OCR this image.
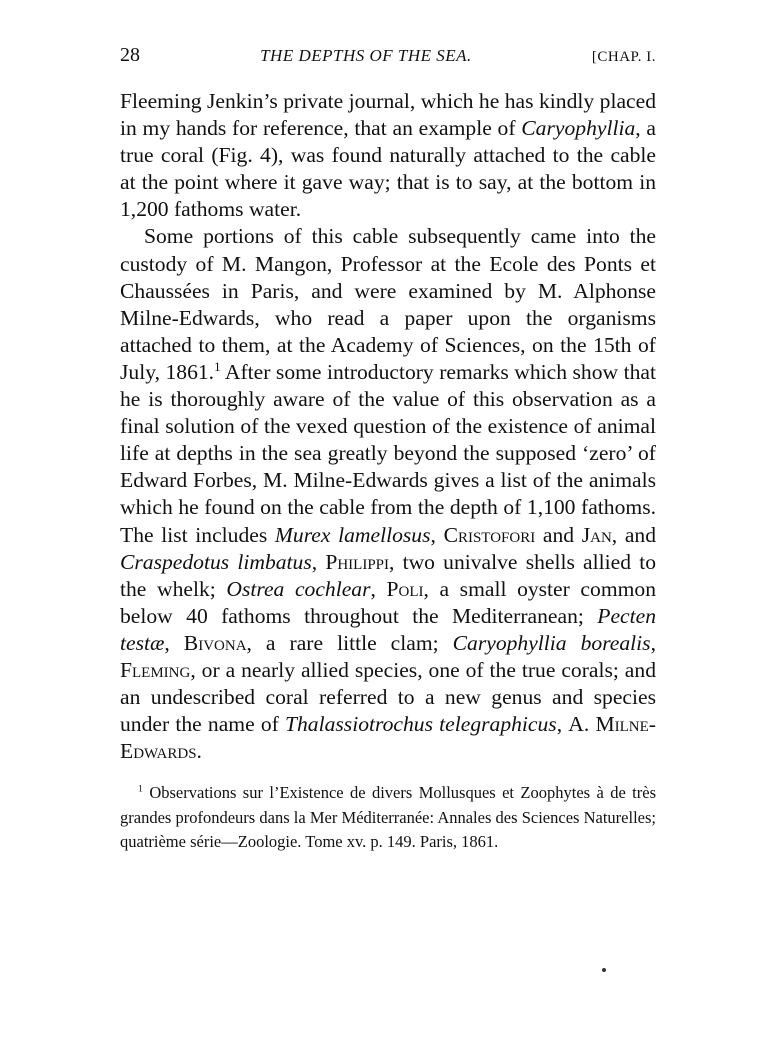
28	THE DEPTHS OF THE SEA.	[CHAP. I.

Fleeming Jenkin’s private journal, which he has kindly placed in my hands for reference, that an example of Caryophyllia, a true coral (Fig. 4), was found naturally attached to the cable at the point where it gave way; that is to say, at the bottom in 1,200 fathoms water.

Some portions of this cable subsequently came into the custody of M. Mangon, Professor at the Ecole des Ponts et Chaussées in Paris, and were examined by M. Alphonse Milne-Edwards, who read a paper upon the organisms attached to them, at the Academy of Sciences, on the 15th of July, 1861.$^1$ After some introductory remarks which show that he is thoroughly aware of the value of this observation as a final solution of the vexed question of the existence of animal life at depths in the sea greatly beyond the supposed ‘zero’ of Edward Forbes, M. Milne-Edwards gives a list of the animals which he found on the cable from the depth of 1,100 fathoms. The list includes Murex lamellosus, Cristofori and Jan, and Craspedotus limbatus, Philippi, two univalve shells allied to the whelk; Ostrea cochlear, Poli, a small oyster common below 40 fathoms throughout the Mediterranean; Pecten testæ, Bivona, a rare little clam; Caryophyllia borealis, Fleming, or a nearly allied species, one of the true corals; and an undescribed coral referred to a new genus and species under the name of Thalassiotrochus telegraphicus, A. Milne-Edwards.

$^1$ Observations sur l’Existence de divers Mollusques et Zoophytes à de très grandes profondeurs dans la Mer Méditerranée: Annales des Sciences Naturelles; quatrième série—Zoologie. Tome xv. p. 149. Paris, 1861.
